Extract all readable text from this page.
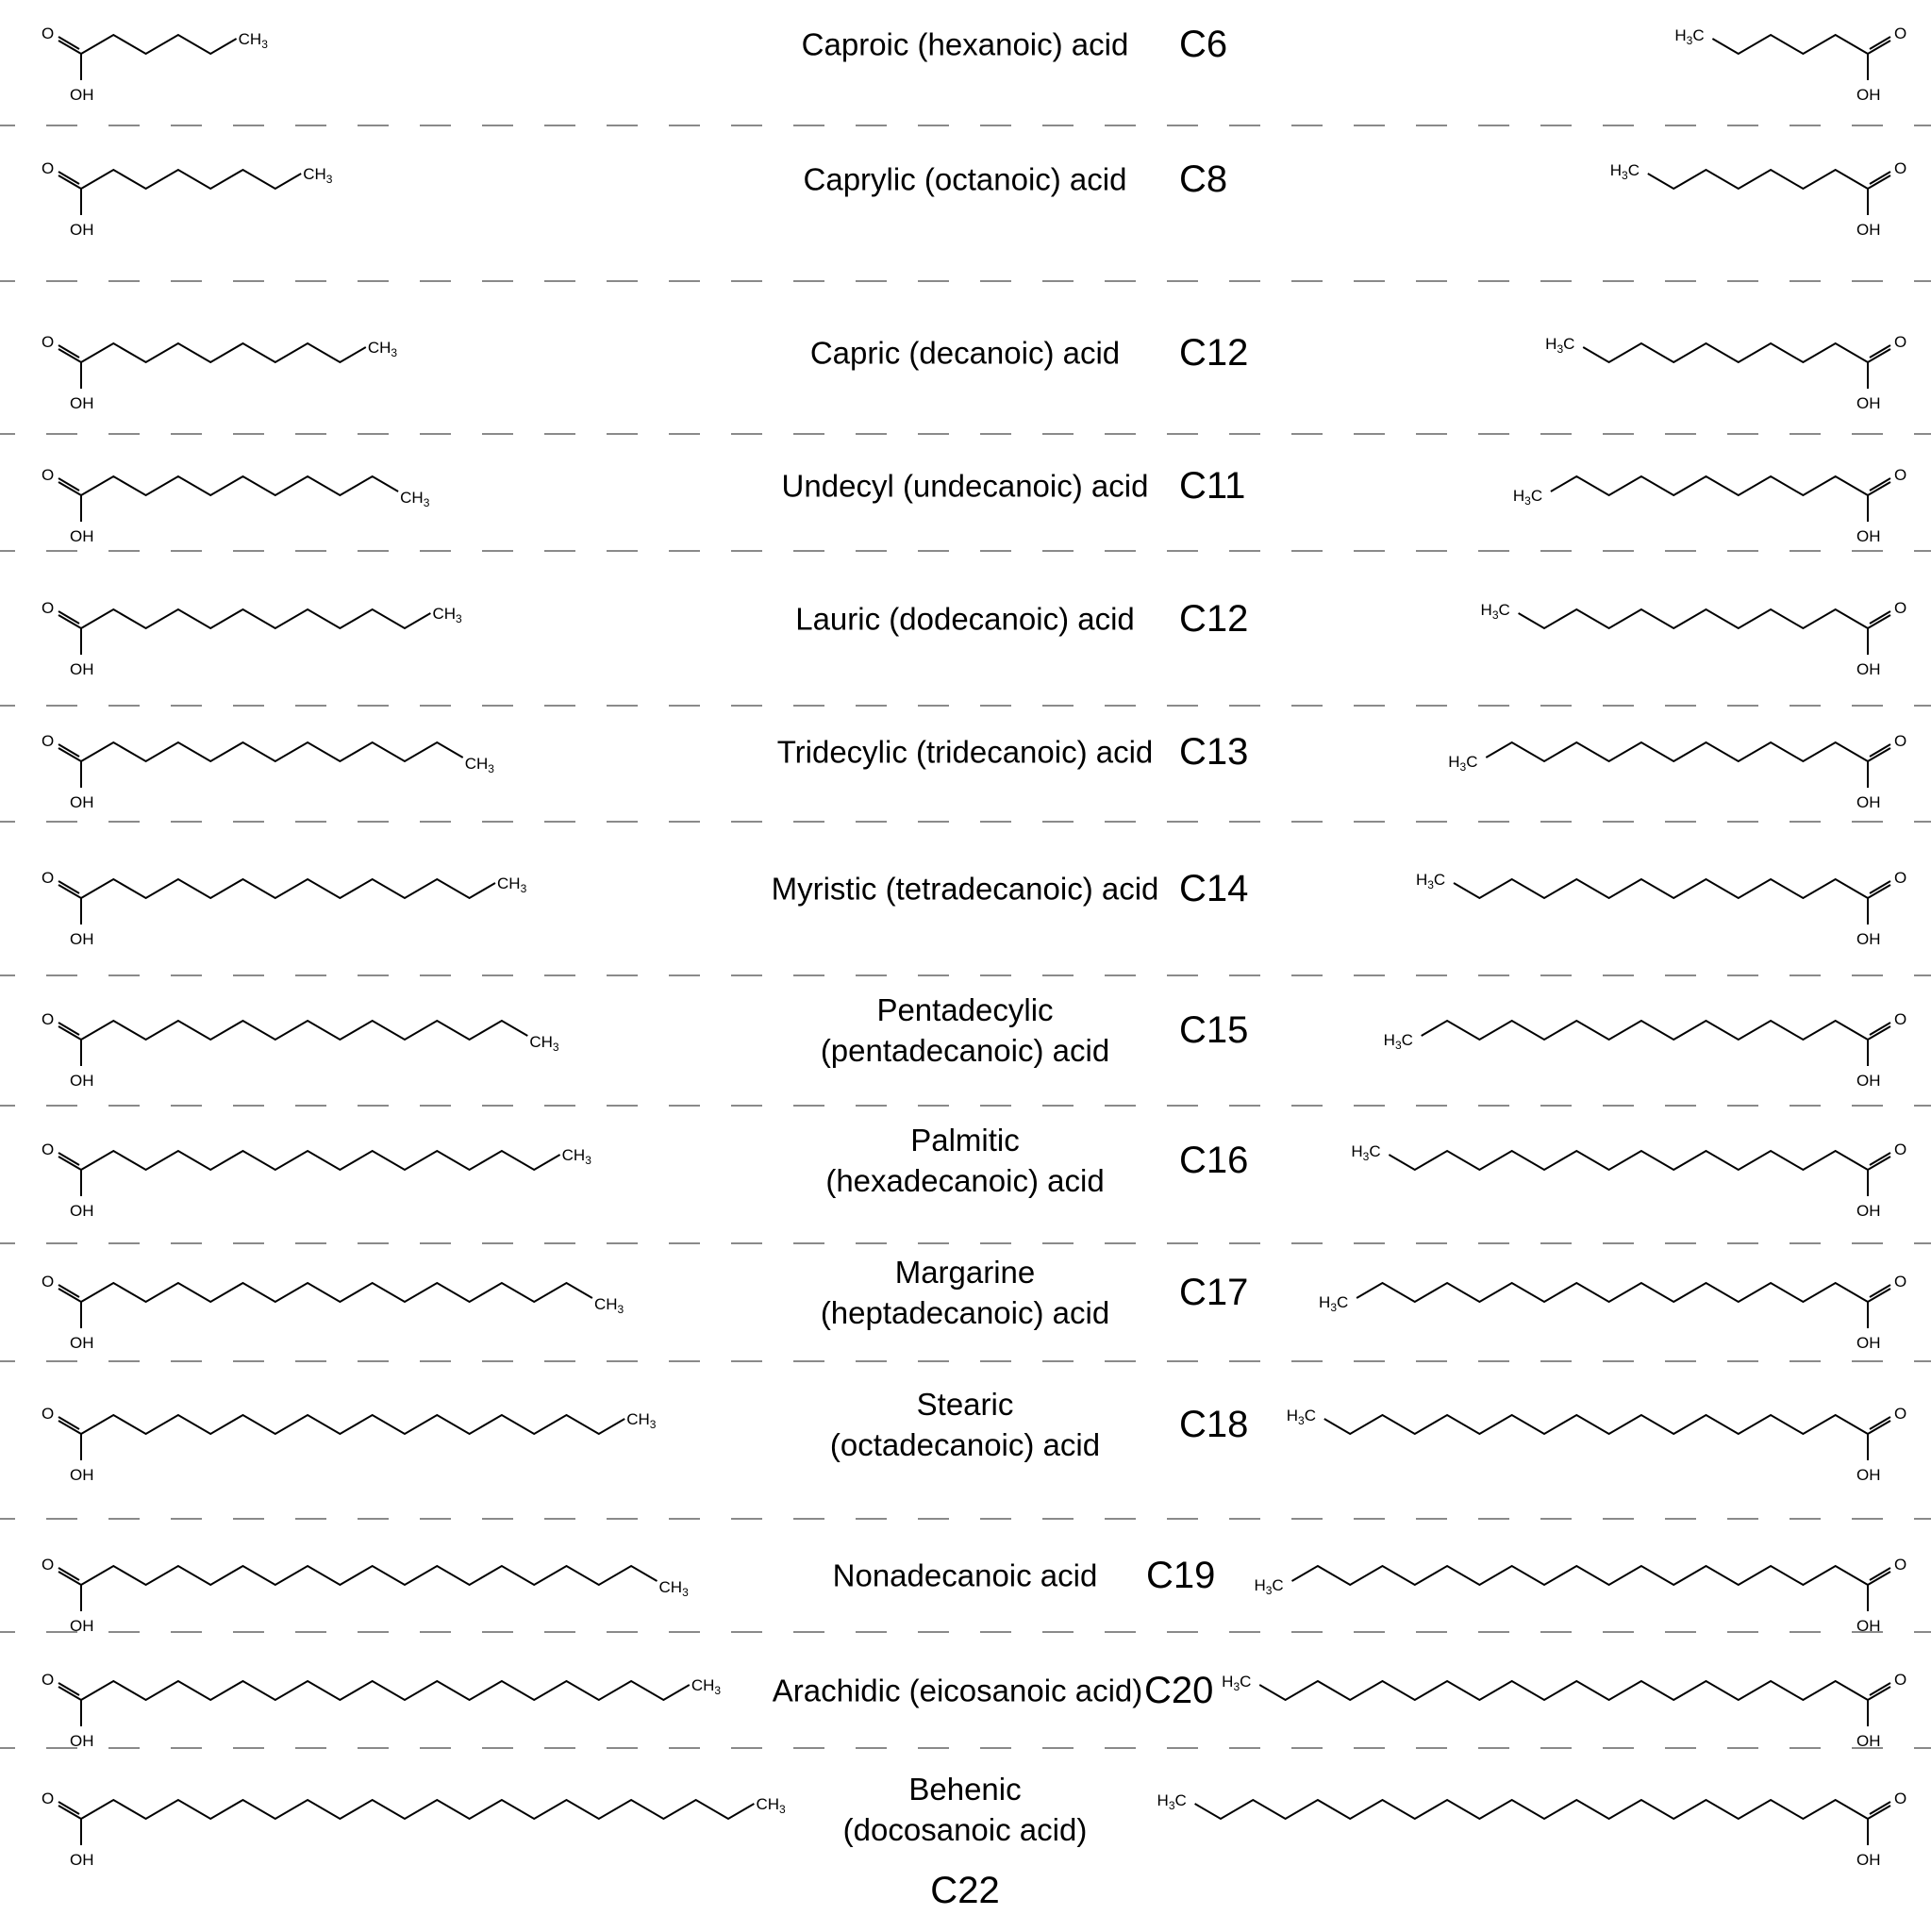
O
OH
$CH_3$
O
OH
$H_3C$
O
OH
$CH_3$
O
OH
$H_3C$
O
OH
$CH_3$
O
OH
$H_3C$
O
OH
$CH_3$
O
OH
$H_3C$
O
OH
$CH_3$
O
OH
$H_3C$
O
OH
$CH_3$
O
OH
$H_3C$
O
OH
$CH_3$
O
OH
$H_3C$
O
OH
$CH_3$
O
OH
$H_3C$
O
OH
$CH_3$
O
OH
$H_3C$
O
OH
$CH_3$
O
OH
$H_3C$
O
OH
$CH_3$
O
OH
$H_3C$
O
OH
$CH_3$
O
OH
$H_3C$
O
OH
$CH_3$
O
OH
$H_3C$
O
OH
$CH_3$
O
OH
$H_3C$
Caproic (hexanoic) acid C6
Caprylic (octanoic) acid C8
Capric (decanoic) acid C12
Undecyl (undecanoic) acid C11
Lauric (dodecanoic) acid C12
Tridecylic (tridecanoic) acid C13
Myristic (tetradecanoic) acid C14
Pentadecylic
(pentadecanoic) acid C15
Palmitic
(hexadecanoic) acid C16
Margarine
(heptadecanoic) acid C17
Stearic
(octadecanoic) acid C18
Nonadecanoic acid C19
Arachidic (eicosanoic acid) C20
Behenic
(docosanoic acid)
C22
